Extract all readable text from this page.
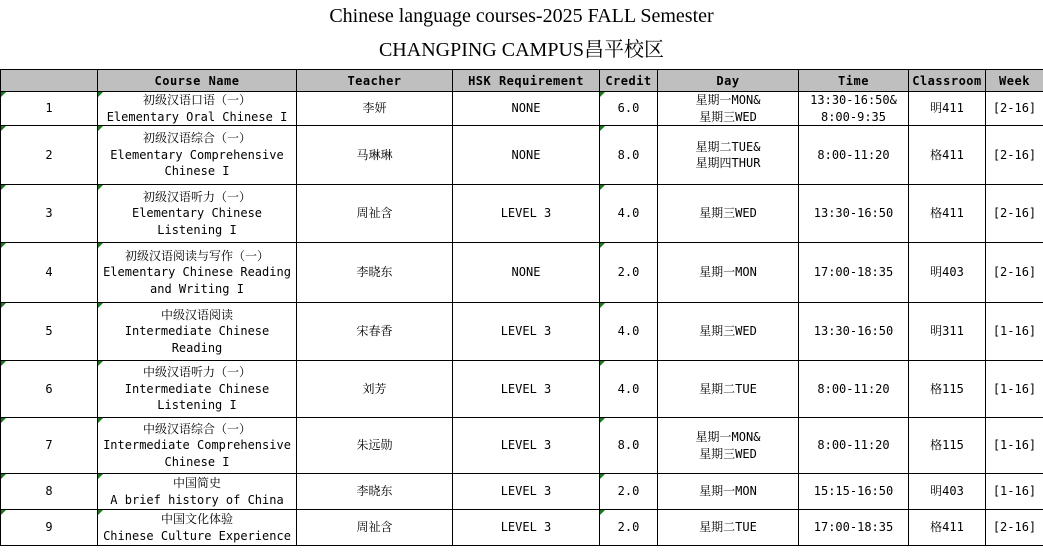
Chinese language courses-2025 FALL Semester
CHANGPING CAMPUS昌平校区
	Course Name	Teacher	HSK Requirement	Credit	Day	Time	Classroom	Week
1	初级汉语口语（一）
Elementary Oral Chinese I	李妍	NONE	6.0	星期一MON&
星期三WED	13:30-16:50&
8:00-9:35	明411	[2-16]
2	初级汉语综合（一）
Elementary Comprehensive
Chinese I	马琳琳	NONE	8.0	星期二TUE&
星期四THUR	8:00-11:20	格411	[2-16]
3	初级汉语听力（一）
Elementary Chinese
Listening I	周祉含	LEVEL 3	4.0	星期三WED	13:30-16:50	格411	[2-16]
4	初级汉语阅读与写作（一）
Elementary Chinese Reading
and Writing I	李晓东	NONE	2.0	星期一MON	17:00-18:35	明403	[2-16]
5	中级汉语阅读
Intermediate Chinese
Reading	宋春香	LEVEL 3	4.0	星期三WED	13:30-16:50	明311	[1-16]
6	中级汉语听力（一）
Intermediate Chinese
Listening I	刘芳	LEVEL 3	4.0	星期二TUE	8:00-11:20	格115	[1-16]
7	中级汉语综合（一）
Intermediate Comprehensive
Chinese I	朱远勋	LEVEL 3	8.0	星期一MON&
星期三WED	8:00-11:20	格115	[1-16]
8	中国简史
A brief history of China	李晓东	LEVEL 3	2.0	星期一MON	15:15-16:50	明403	[1-16]
9	中国文化体验
Chinese Culture Experience	周祉含	LEVEL 3	2.0	星期二TUE	17:00-18:35	格411	[2-16]
